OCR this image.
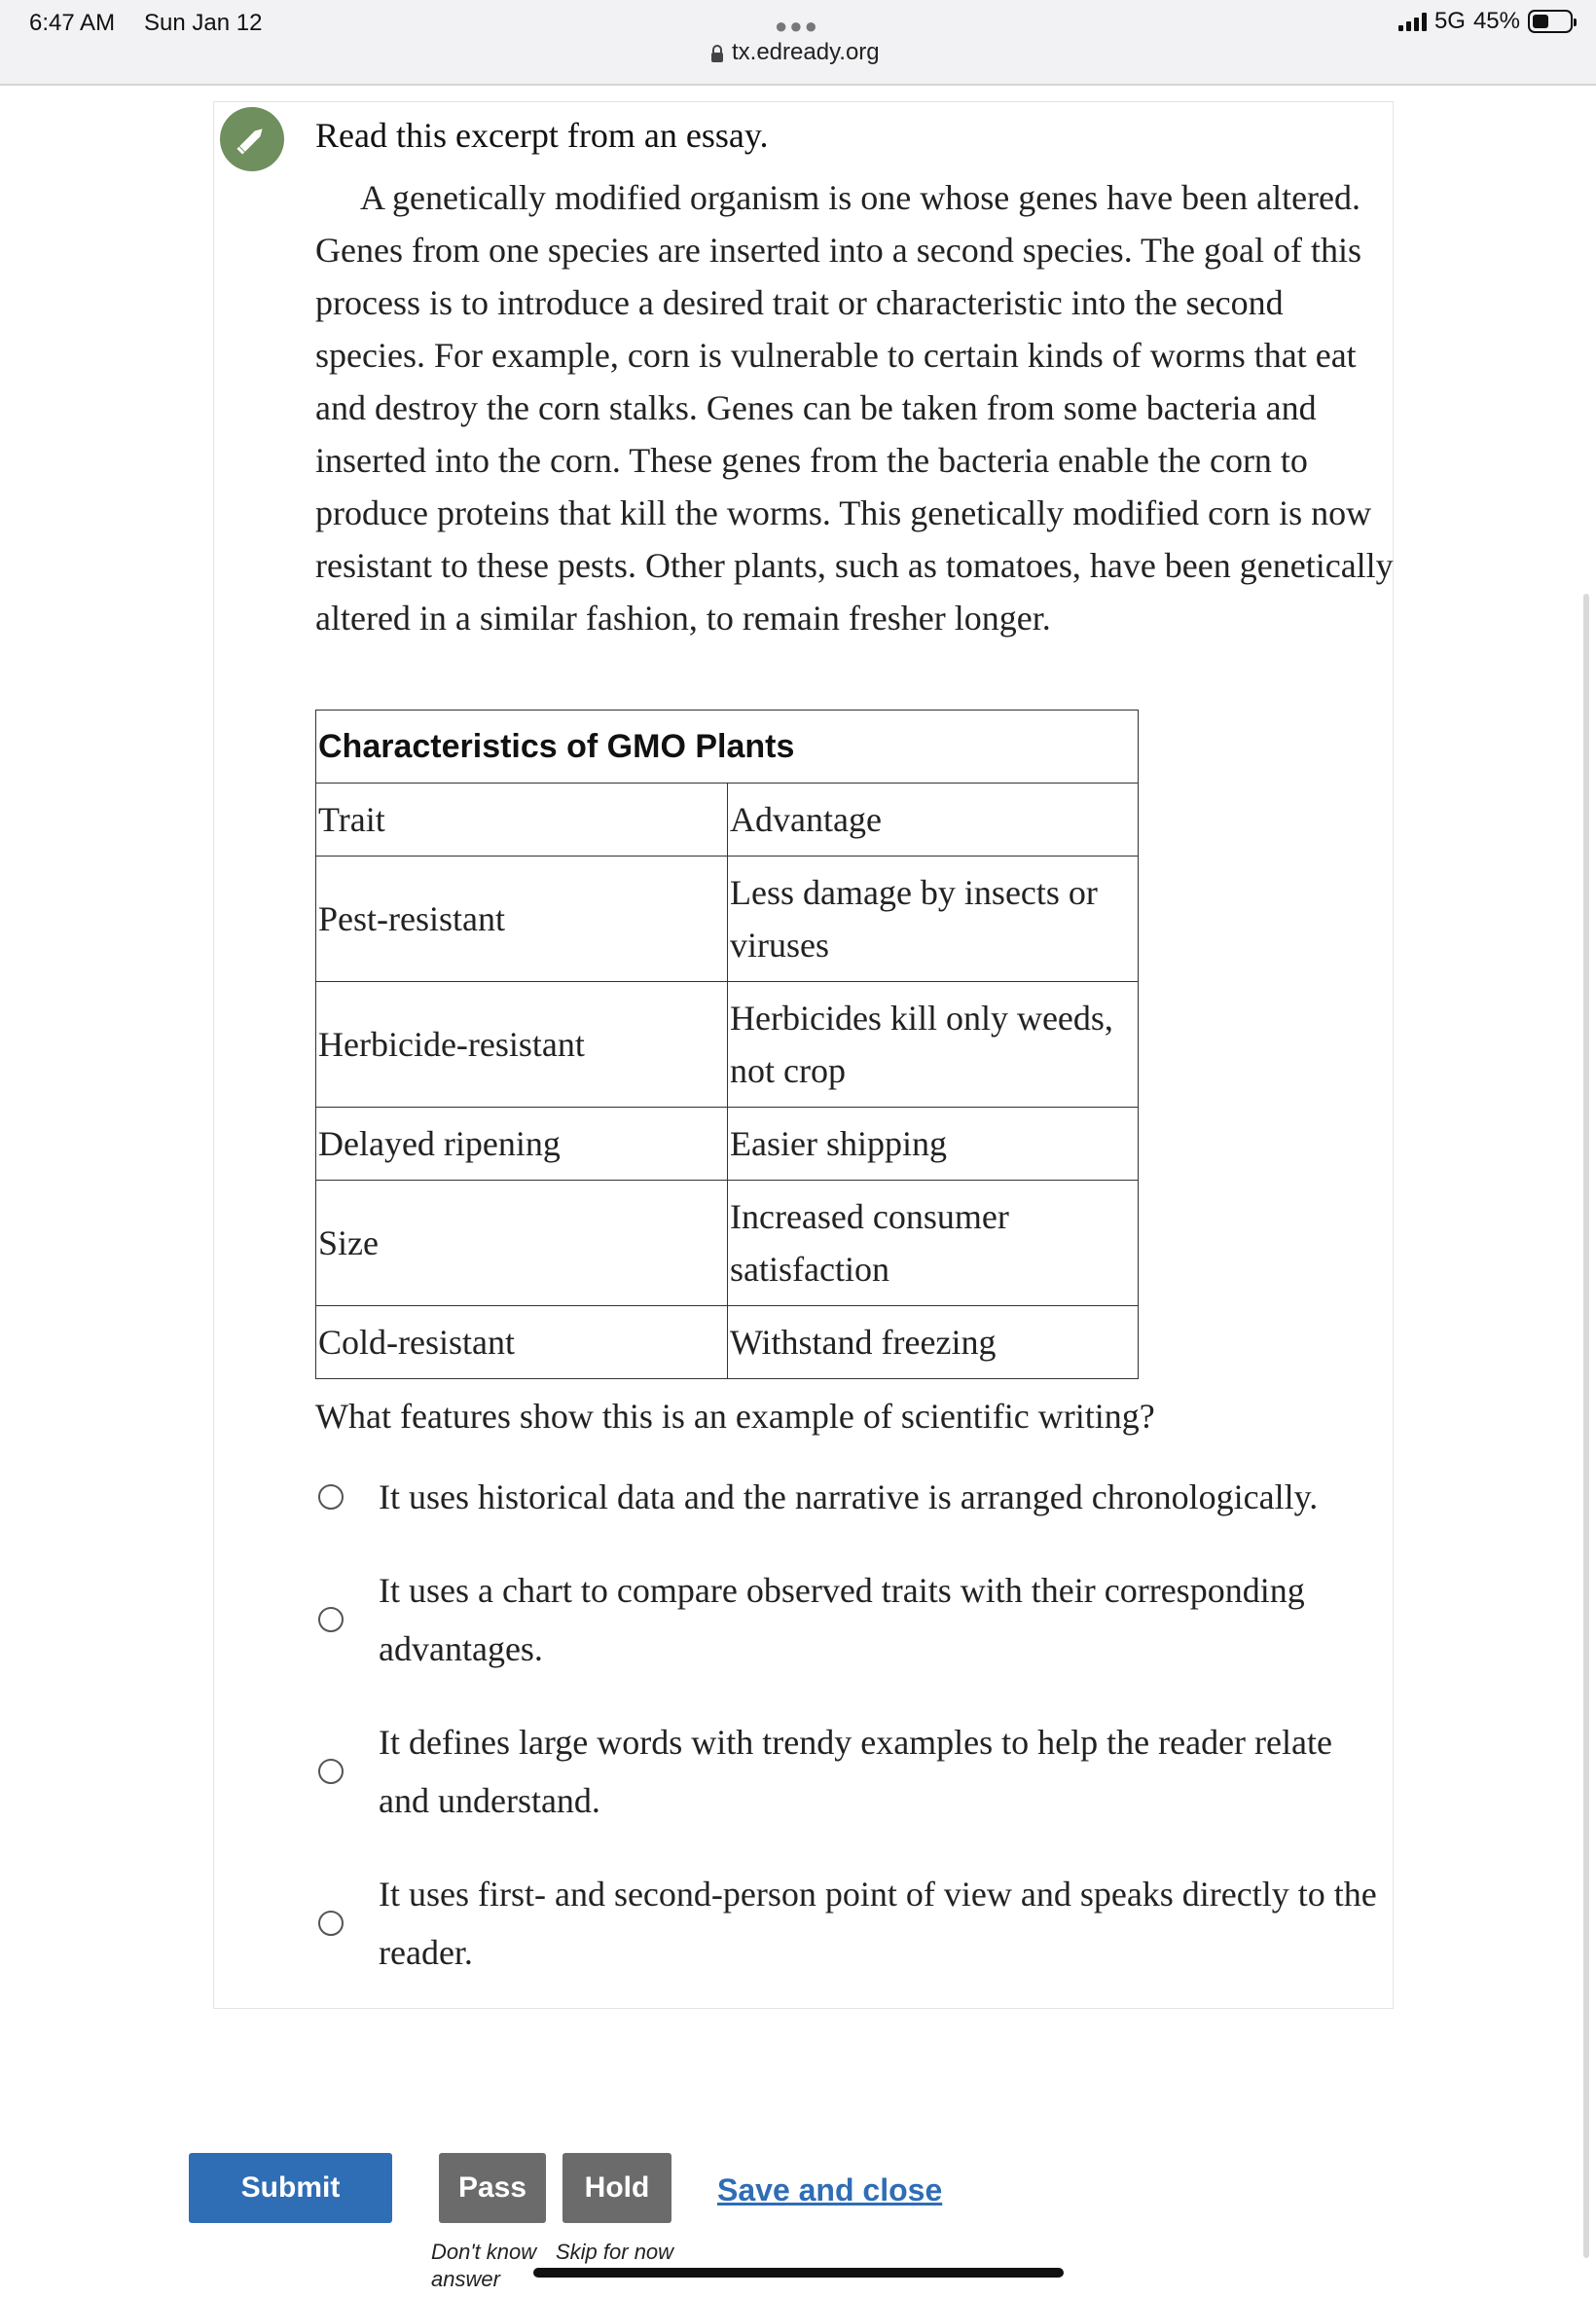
6:47 AM Sun Jan 12	●●●
tx.edready.org
5G 45%
Read this excerpt from an essay.

A genetically modified organism is one whose genes have been altered. Genes from one species are inserted into a second species. The goal of this process is to introduce a desired trait or characteristic into the second species. For example, corn is vulnerable to certain kinds of worms that eat and destroy the corn stalks. Genes can be taken from some bacteria and inserted into the corn. These genes from the bacteria enable the corn to produce proteins that kill the worms. This genetically modified corn is now resistant to these pests. Other plants, such as tomatoes, have been genetically altered in a similar fashion, to remain fresher longer.

Characteristics of GMO Plants	
Trait	Advantage
Pest-resistant	Less damage by insects or viruses
Herbicide-resistant	Herbicides kill only weeds, not crop
Delayed ripening	Easier shipping
Size	Increased consumer satisfaction
Cold-resistant	Withstand freezing
What features show this is an example of scientific writing?
It uses historical data and the narrative is arranged chronologically.
It uses a chart to compare observed traits with their corresponding advantages.
It defines large words with trendy examples to help the reader relate and understand.
It uses first- and second-person point of view and speaks directly to the reader.
Submit	Pass	Hold	Save and close
Don't know answer
Skip for now
